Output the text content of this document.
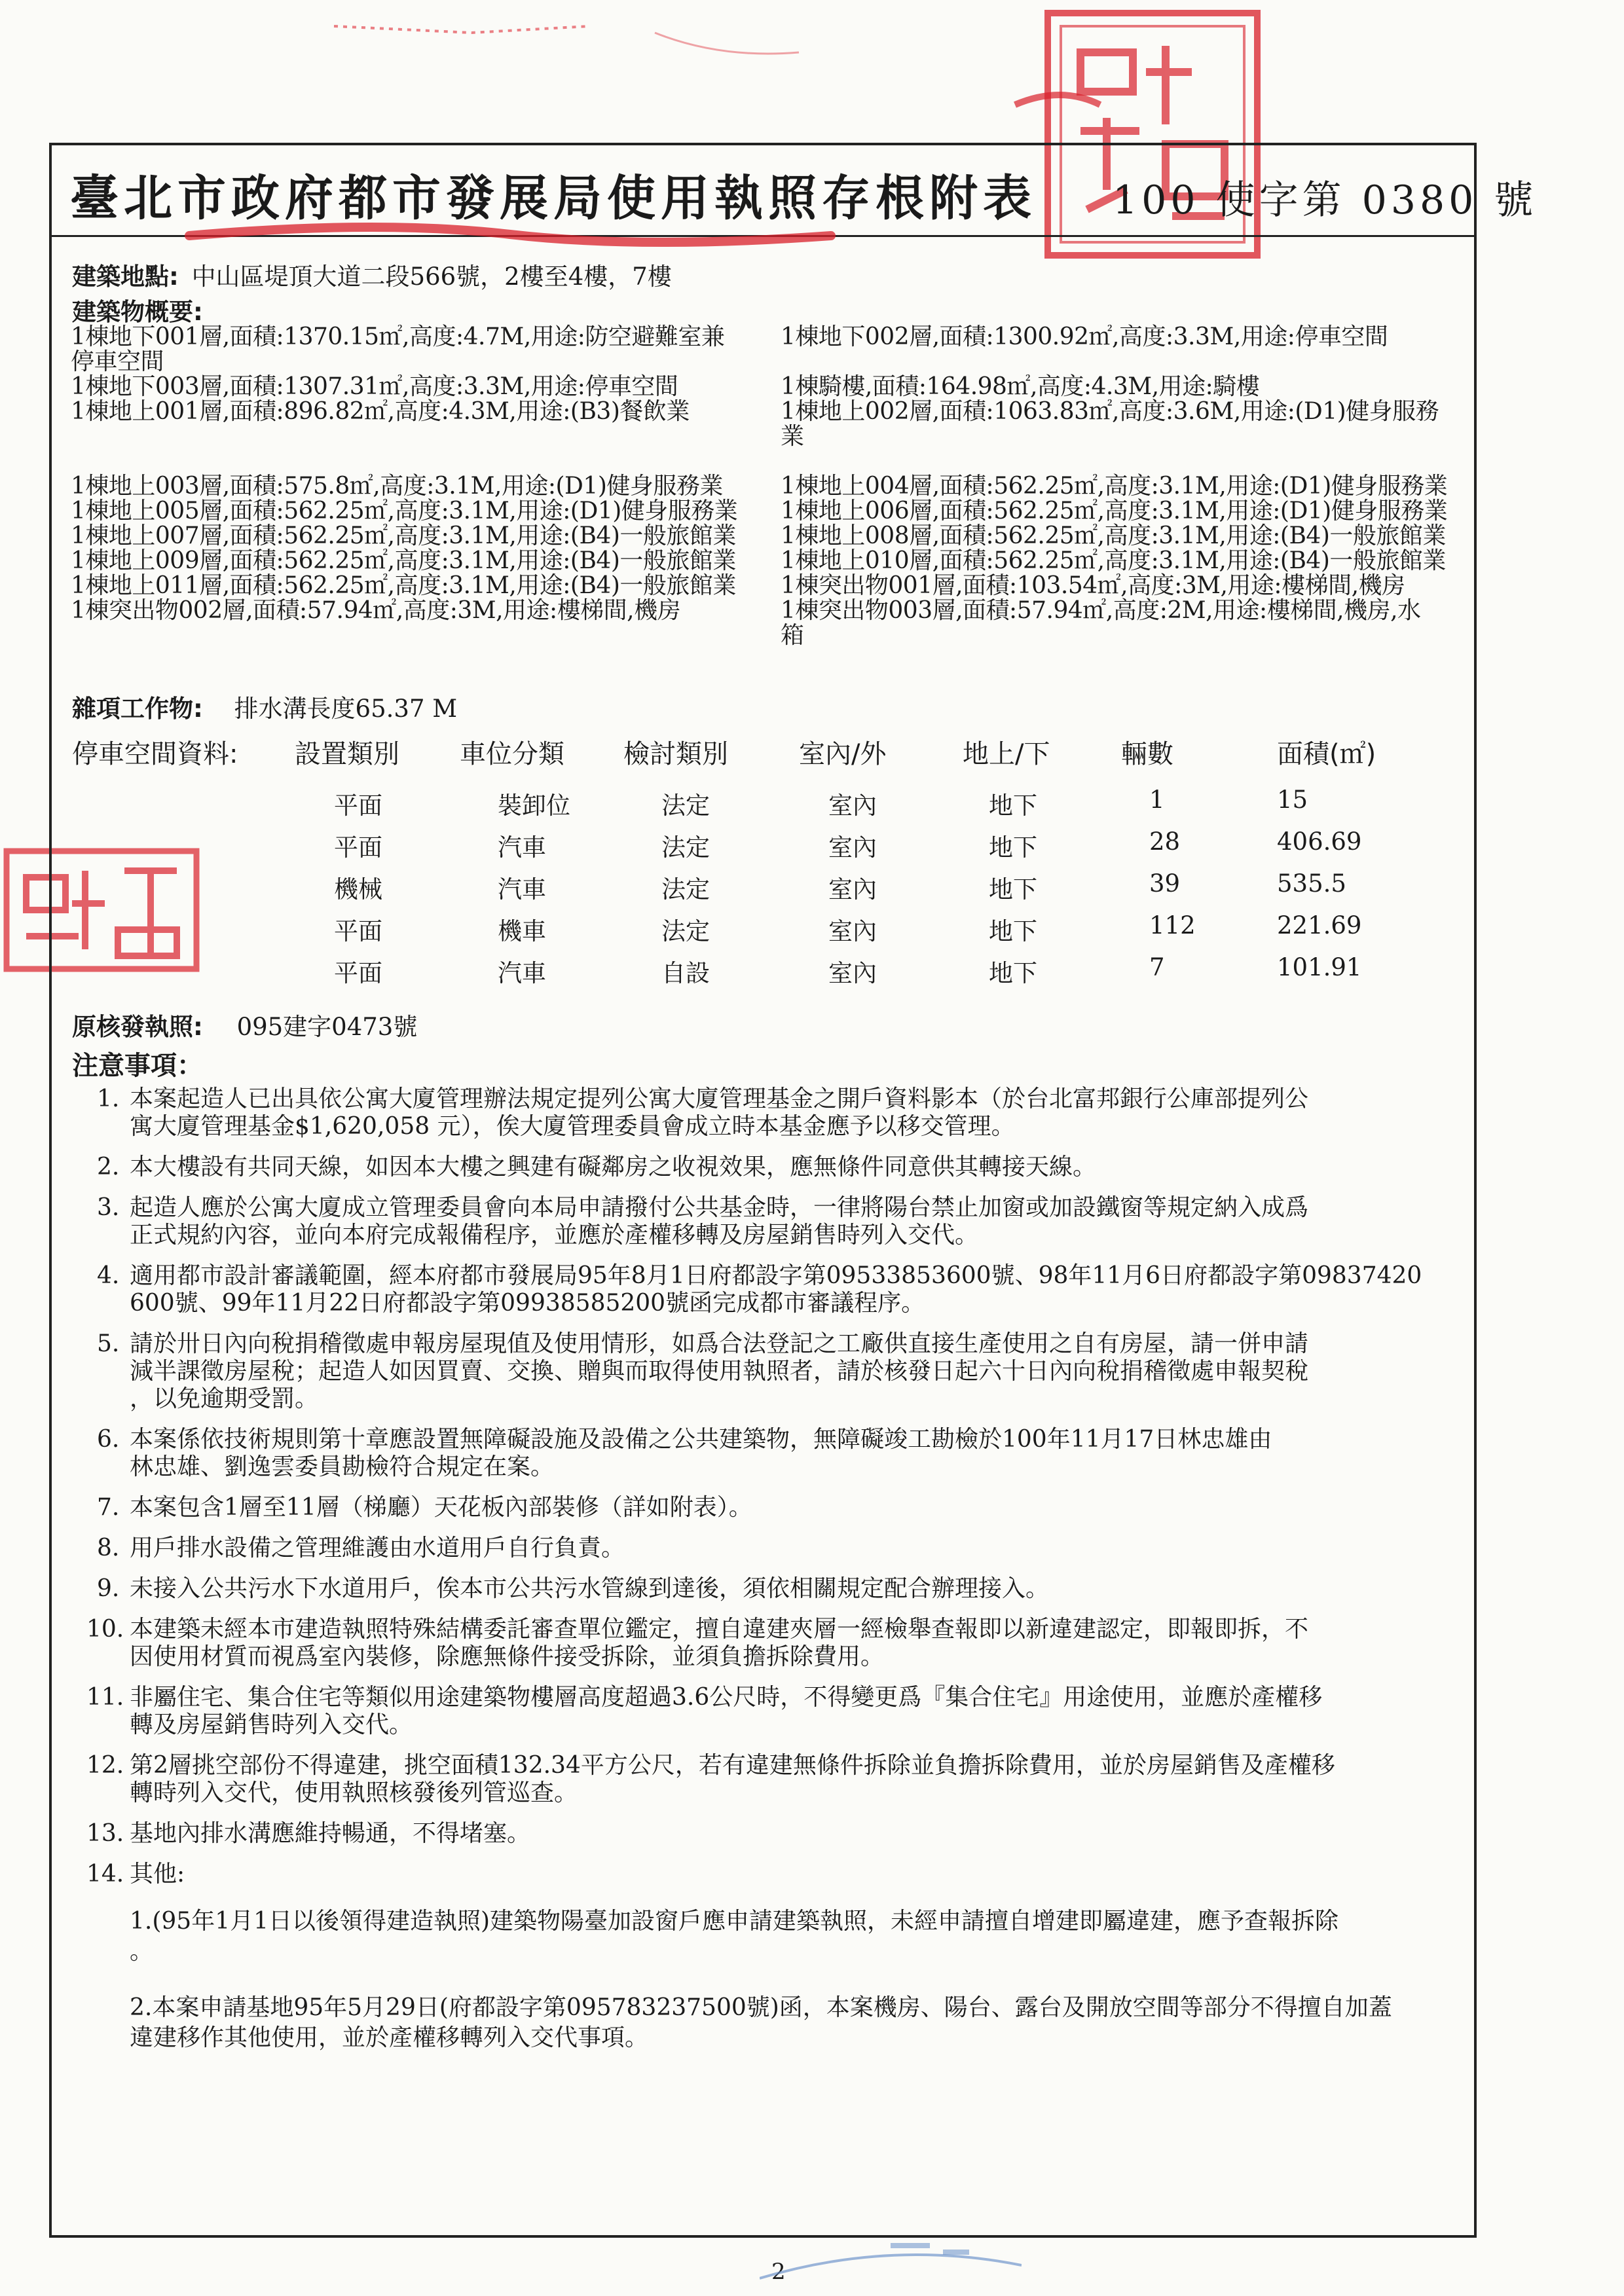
臺北市政府都市發展局使用執照存根附表 100 使字第 0380 號
建築地點: 中山區堤頂大道二段566號，2樓至4樓，7樓
建築物概要:
1棟地下001層,面積:1370.15㎡,高度:4.7M,用途:防空避難室兼
停車空間
1棟地下003層,面積:1307.31㎡,高度:3.3M,用途:停車空間
1棟地上001層,面積:896.82㎡,高度:4.3M,用途:(B3)餐飲業
1棟地上003層,面積:575.8㎡,高度:3.1M,用途:(D1)健身服務業
1棟地上005層,面積:562.25㎡,高度:3.1M,用途:(D1)健身服務業
1棟地上007層,面積:562.25㎡,高度:3.1M,用途:(B4)一般旅館業
1棟地上009層,面積:562.25㎡,高度:3.1M,用途:(B4)一般旅館業
1棟地上011層,面積:562.25㎡,高度:3.1M,用途:(B4)一般旅館業
1棟突出物002層,面積:57.94㎡,高度:3M,用途:樓梯間,機房
1棟地下002層,面積:1300.92㎡,高度:3.3M,用途:停車空間
1棟騎樓,面積:164.98㎡,高度:4.3M,用途:騎樓
1棟地上002層,面積:1063.83㎡,高度:3.6M,用途:(D1)健身服務
業
1棟地上004層,面積:562.25㎡,高度:3.1M,用途:(D1)健身服務業
1棟地上006層,面積:562.25㎡,高度:3.1M,用途:(D1)健身服務業
1棟地上008層,面積:562.25㎡,高度:3.1M,用途:(B4)一般旅館業
1棟地上010層,面積:562.25㎡,高度:3.1M,用途:(B4)一般旅館業
1棟突出物001層,面積:103.54㎡,高度:3M,用途:樓梯間,機房
1棟突出物003層,面積:57.94㎡,高度:2M,用途:樓梯間,機房,水
箱
雜項工作物: 排水溝長度65.37 M
停車空間資料: 設置類別 車位分類 檢討類別	室內/外	地上/下	輛數	面積(㎡)
平面	裝卸位	法定	室內	地下	1	15
平面	汽車	法定	室內	地下	28	406.69
機械	汽車	法定	室內	地下	39	535.5
平面	機車	法定	室內	地下	112	221.69
平面	汽車	自設	室內	地下	7	101.91
原核發執照: 095建字0473號
注意事項：
1. 本案起造人已出具依公寓大廈管理辦法規定提列公寓大廈管理基金之開戶資料影本（於台北富邦銀行公庫部提列公
寓大廈管理基金$1,620,058 元），俟大廈管理委員會成立時本基金應予以移交管理。
2. 本大樓設有共同天線，如因本大樓之興建有礙鄰房之收視效果，應無條件同意供其轉接天線。
3. 起造人應於公寓大廈成立管理委員會向本局申請撥付公共基金時，一律將陽台禁止加窗或加設鐵窗等規定納入成爲
正式規約內容，並向本府完成報備程序，並應於產權移轉及房屋銷售時列入交代。
4. 適用都市設計審議範圍，經本府都市發展局95年8月1日府都設字第09533853600號、98年11月6日府都設字第09837420
600號、99年11月22日府都設字第09938585200號函完成都市審議程序。
5. 請於卅日內向稅捐稽徵處申報房屋現值及使用情形，如爲合法登記之工廠供直接生產使用之自有房屋，請一併申請
減半課徵房屋稅；起造人如因買賣、交換、贈與而取得使用執照者，請於核發日起六十日內向稅捐稽徵處申報契稅
，以免逾期受罰。
6. 本案係依技術規則第十章應設置無障礙設施及設備之公共建築物，無障礙竣工勘檢於100年11月17日林忠雄由
林忠雄、劉逸雲委員勘檢符合規定在案。
7. 本案包含1層至11層（梯廳）天花板內部裝修（詳如附表）。
8. 用戶排水設備之管理維護由水道用戶自行負責。
9. 未接入公共污水下水道用戶，俟本市公共污水管線到達後，須依相關規定配合辦理接入。
10. 本建築未經本市建造執照特殊結構委託審查單位鑑定，擅自違建夾層一經檢舉查報即以新違建認定，即報即拆，不
因使用材質而視爲室內裝修，除應無條件接受拆除，並須負擔拆除費用。
11. 非屬住宅、集合住宅等類似用途建築物樓層高度超過3.6公尺時，不得變更爲『集合住宅』用途使用，並應於產權移
轉及房屋銷售時列入交代。
12. 第2層挑空部份不得違建，挑空面積132.34平方公尺，若有違建無條件拆除並負擔拆除費用，並於房屋銷售及產權移
轉時列入交代，使用執照核發後列管巡查。
13. 基地內排水溝應維持暢通，不得堵塞。
14. 其他:
1.(95年1月1日以後領得建造執照)建築物陽臺加設窗戶應申請建築執照，未經申請擅自增建即屬違建，應予查報拆除
。
2.本案申請基地95年5月29日(府都設字第095783237500號)函，本案機房、陽台、露台及開放空間等部分不得擅自加蓋
違建移作其他使用，並於產權移轉列入交代事項。
2
